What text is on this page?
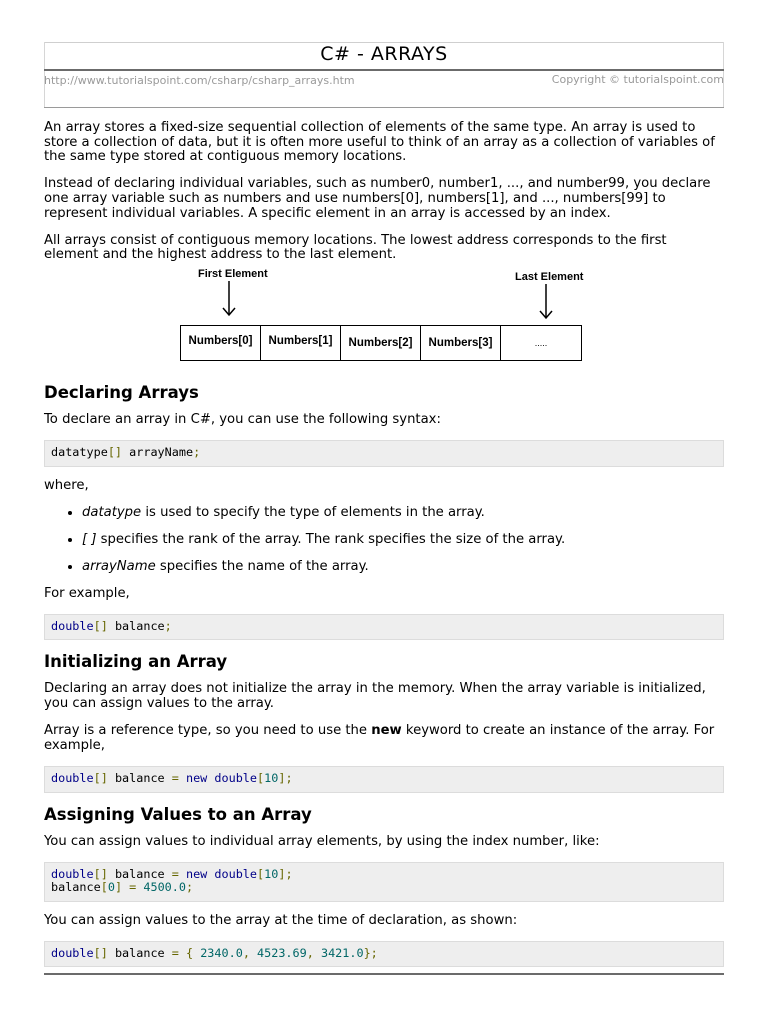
C# - ARRAYS
http://www.tutorialspoint.com/csharp/csharp_arrays.htm	Copyright © tutorialspoint.com

An array stores a fixed-size sequential collection of elements of the same type. An array is used to store a collection of data, but it is often more useful to think of an array as a collection of variables of the same type stored at contiguous memory locations.

Instead of declaring individual variables, such as number0, number1, ..., and number99, you declare one array variable such as numbers and use numbers[0], numbers[1], and ..., numbers[99] to represent individual variables. A specific element in an array is accessed by an index.

All arrays consist of contiguous memory locations. The lowest address corresponds to the first element and the highest address to the last element.

First Element	Last Element
Numbers[0]	Numbers[1]	Numbers[2]	Numbers[3]	.....
Declaring Arrays

To declare an array in C#, you can use the following syntax:

datatype[] arrayName;

where,

• datatype is used to specify the type of elements in the array.
• [ ] specifies the rank of the array. The rank specifies the size of the array.
• arrayName specifies the name of the array.

For example,

double[] balance;
Initializing an Array

Declaring an array does not initialize the array in the memory. When the array variable is initialized, you can assign values to the array.

Array is a reference type, so you need to use the new keyword to create an instance of the array. For example,

double[] balance = new double[10];
Assigning Values to an Array

You can assign values to individual array elements, by using the index number, like:

double[] balance = new double[10];
balance[0] = 4500.0;

You can assign values to the array at the time of declaration, as shown:

double[] balance = { 2340.0, 4523.69, 3421.0};
